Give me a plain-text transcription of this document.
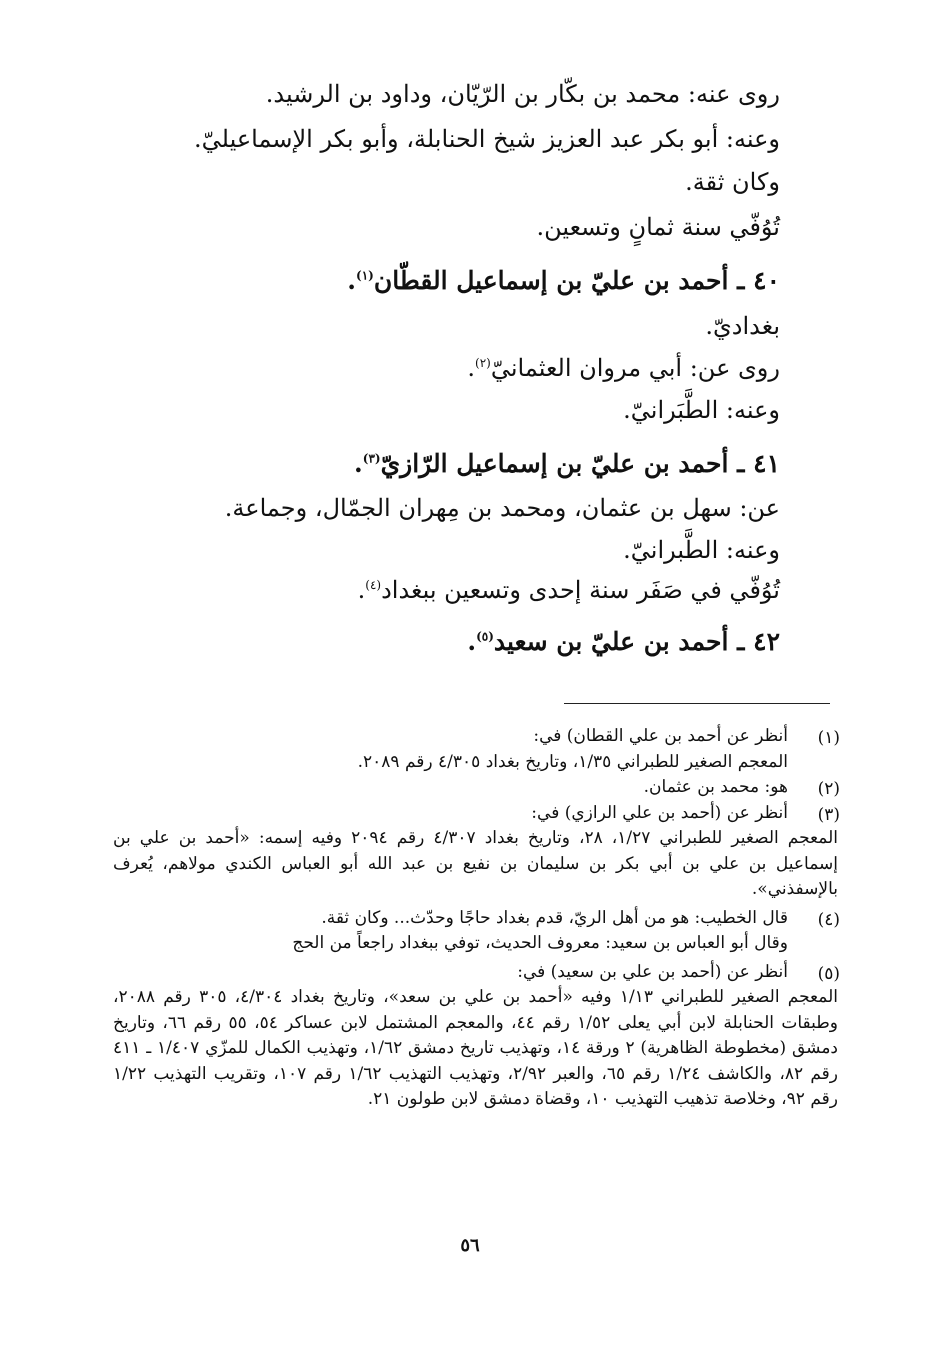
روى عنه: محمد بن بكّار بن الرّيّان، وداود بن الرشيد.

وعنه: أبو بكر عبد العزيز شيخ الحنابلة، وأبو بكر الإسماعيليّ.

وكان ثقة.

تُوُفّي سنة ثمانٍ وتسعين.

٤٠ ـ أحمد بن عليّ بن إسماعيل القطّان$^{(١)}$.

بغداديّ.

روى عن: أبي مروان العثمانيّ$^{(٢)}$.

وعنه: الطَّبَرانيّ.

٤١ ـ أحمد بن عليّ بن إسماعيل الرّازيّ$^{(٣)}$.

عن: سهل بن عثمان، ومحمد بن مِهران الجمّال، وجماعة.

وعنه: الطَّبرانيّ.

تُوُفّي في صَفَر سنة إحدى وتسعين ببغداد$^{(٤)}$.

٤٢ ـ أحمد بن عليّ بن سعيد$^{(٥)}$.

(١)
أنظر عن أحمد بن علي القطان) في:
المعجم الصغير للطبراني ١/٣٥، وتاريخ بغداد ٤/٣٠٥ رقم ٢٠٨٩.
(٢)
هو: محمد بن عثمان.
(٣)
أنظر عن (أحمد بن علي الرازي) في:
المعجم الصغير للطبراني ١/٢٧، ٢٨، وتاريخ بغداد ٤/٣٠٧ رقم ٢٠٩٤ وفيه إسمه: «أحمد بن علي بن إسماعيل بن علي بن أبي بكر بن سليمان بن نفيع بن عبد الله أبو العباس الكندي مولاهم، يُعرف بالإسفذني».
(٤)
قال الخطيب: هو من أهل الريّ، قدم بغداد حاجًا وحدّث... وكان ثقة.
وقال أبو العباس بن سعيد: معروف الحديث، توفي ببغداد راجعاً من الحج
(٥)
أنظر عن (أحمد بن علي بن سعيد) في:
المعجم الصغير للطبراني ١/١٣ وفيه «أحمد بن علي بن سعد»، وتاريخ بغداد ٤/٣٠٤، ٣٠٥ رقم ٢٠٨٨، وطبقات الحنابلة لابن أبي يعلى ١/٥٢ رقم ٤٤، والمعجم المشتمل لابن عساكر ٥٤، ٥٥ رقم ٦٦، وتاريخ دمشق (مخطوطة الظاهرية) ٢ ورقة ١٤، وتهذيب تاريخ دمشق ١/٦٢، وتهذيب الكمال للمزّي ١/٤٠٧ ـ ٤١١ رقم ٨٢، والكاشف ١/٢٤ رقم ٦٥، والعبر ٢/٩٢، وتهذيب التهذيب ١/٦٢ رقم ١٠٧، وتقريب التهذيب ١/٢٢ رقم ٩٢، وخلاصة تذهيب التهذيب ١٠، وقضاة دمشق لابن طولون ٢١.
٥٦
